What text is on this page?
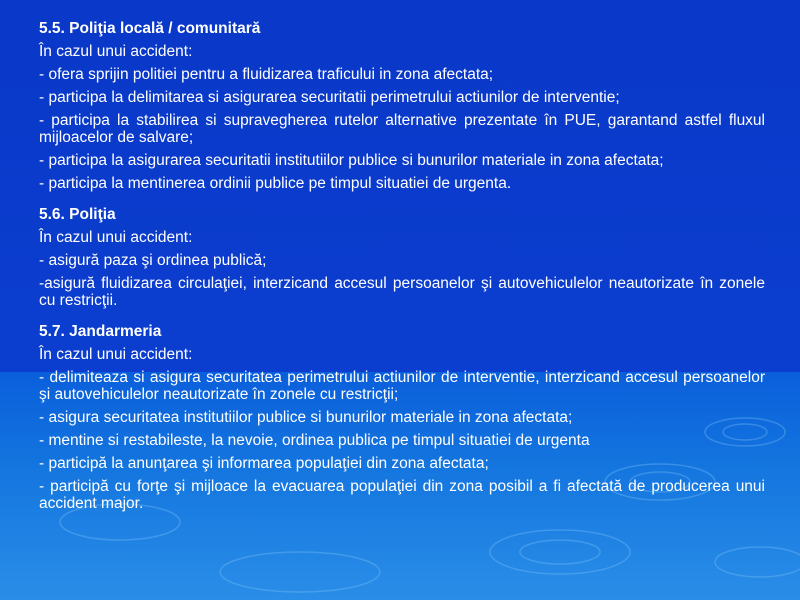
5.5. Poliţia locală / comunitară

În cazul unui accident:

- ofera sprijin politiei pentru a fluidizarea traficului in zona afectata;

- participa la delimitarea si asigurarea securitatii perimetrului actiunilor de interventie;

- participa la stabilirea si supravegherea rutelor alternative prezentate în PUE, garantand astfel fluxul mijloacelor de salvare;

- participa la asigurarea securitatii institutiilor publice si bunurilor materiale in zona afectata;

- participa la mentinerea ordinii publice pe timpul situatiei de urgenta.

5.6. Poliţia

În cazul unui accident:

- asigură paza şi ordinea publică;

-asigură fluidizarea circulaţiei, interzicand accesul persoanelor şi autovehiculelor neautorizate în zonele cu restricţii.

5.7. Jandarmeria

În cazul unui accident:

- delimiteaza si asigura securitatea perimetrului actiunilor de interventie, interzicand accesul persoanelor şi autovehiculelor neautorizate în zonele cu restricţii;

- asigura securitatea institutiilor publice si bunurilor materiale in zona afectata;

- mentine si restabileste, la nevoie, ordinea publica pe timpul situatiei de urgenta

- participă la anunţarea şi informarea populaţiei din zona afectata;

- participă cu forţe şi mijloace la evacuarea populaţiei din zona posibil a fi afectată de producerea unui accident major.
